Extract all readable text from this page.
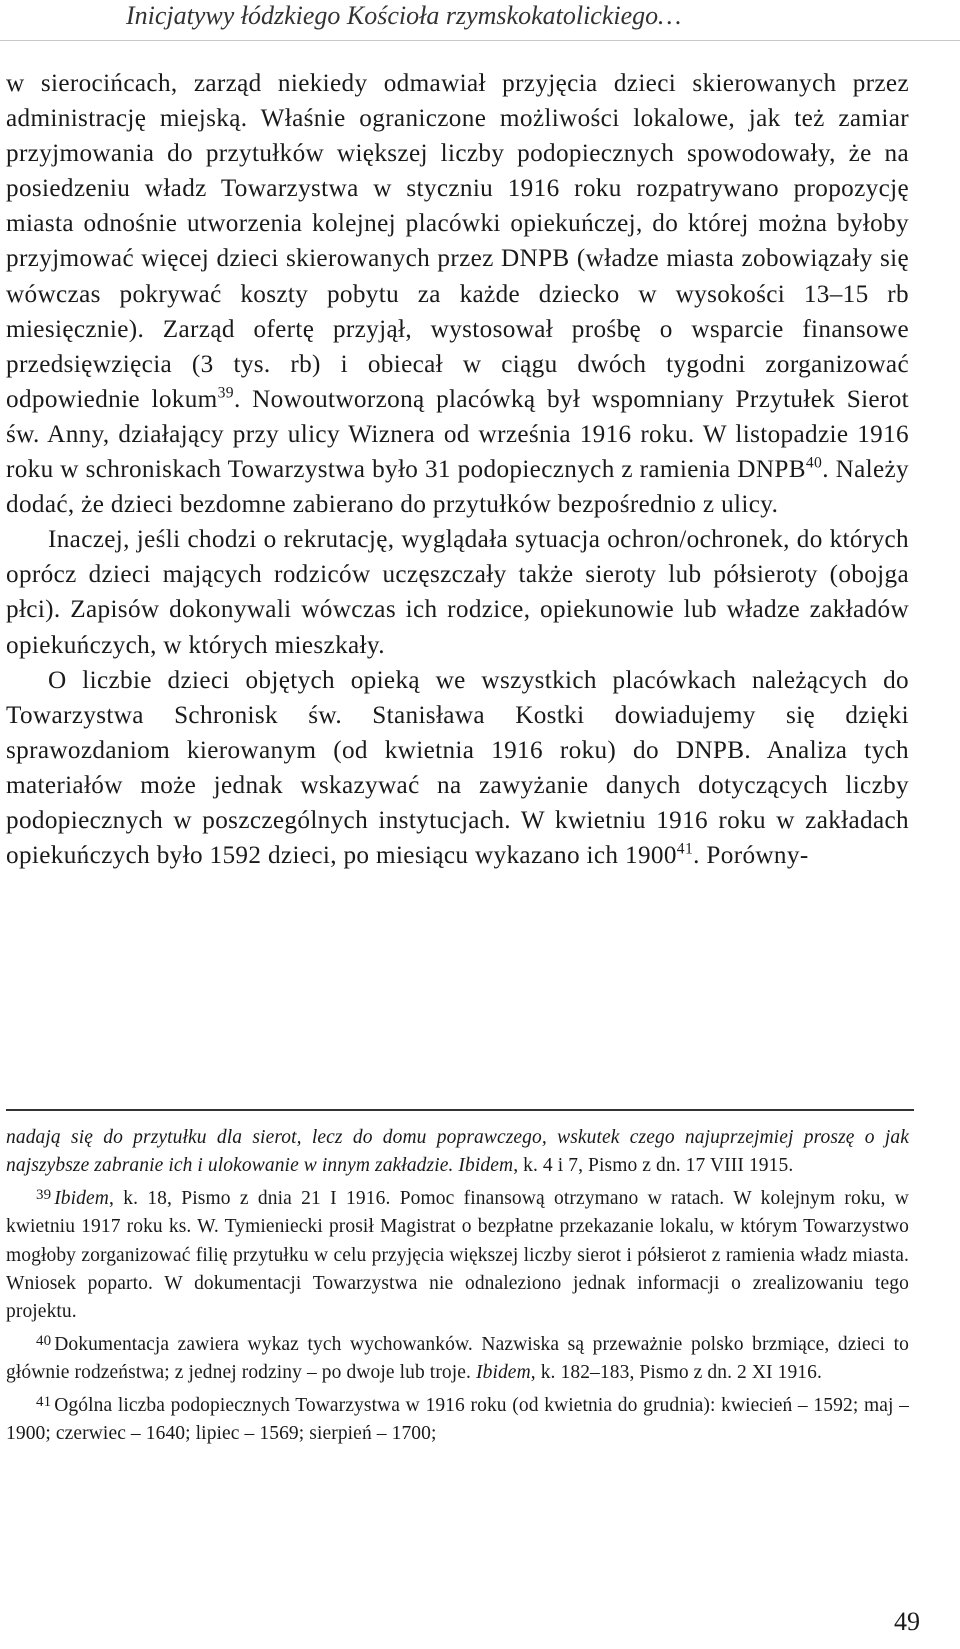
Inicjatywy łódzkiego Kościoła rzymskokatolickiego…

w sierocińcach, zarząd niekiedy odmawiał przyjęcia dzieci skierowanych przez administrację miejską. Właśnie ograniczone możliwości lokalowe, jak też zamiar przyjmowania do przytułków większej liczby podopiecznych spowodowały, że na posiedzeniu władz Towarzystwa w styczniu 1916 roku rozpatrywano propozycję miasta odnośnie utworzenia kolejnej placówki opiekuńczej, do której można byłoby przyjmować więcej dzieci skierowanych przez DNPB (władze miasta zobowiązały się wówczas pokrywać koszty pobytu za każde dziecko w wysokości 13–15 rb miesięcznie). Zarząd ofertę przyjął, wystosował prośbę o wsparcie finansowe przedsięwzięcia (3 tys. rb) i obiecał w ciągu dwóch tygodni zorganizować odpowiednie lokum$^{39}$. Nowoutworzoną placówką był wspomniany Przytułek Sierot św. Anny, działający przy ulicy Wiznera od września 1916 roku. W listopadzie 1916 roku w schroniskach Towarzystwa było 31 podopiecznych z ramienia DNPB$^{40}$. Należy dodać, że dzieci bezdomne zabierano do przytułków bezpośrednio z ulicy.

Inaczej, jeśli chodzi o rekrutację, wyglądała sytuacja ochron/ochronek, do których oprócz dzieci mających rodziców uczęszczały także sieroty lub półsieroty (obojga płci). Zapisów dokonywali wówczas ich rodzice, opiekunowie lub władze zakładów opiekuńczych, w których mieszkały.

O liczbie dzieci objętych opieką we wszystkich placówkach należących do Towarzystwa Schronisk św. Stanisława Kostki dowiadujemy się dzięki sprawozdaniom kierowanym (od kwietnia 1916 roku) do DNPB. Analiza tych materiałów może jednak wskazywać na zawyżanie danych dotyczących liczby podopiecznych w poszczególnych instytucjach. W kwietniu 1916 roku w zakładach opiekuńczych było 1592 dzieci, po miesiącu wykazano ich 1900$^{41}$. Porówny-

nadają się do przytułku dla sierot, lecz do domu poprawczego, wskutek czego najuprzejmiej proszę o jak najszybsze zabranie ich i ulokowanie w innym zakładzie. Ibidem, k. 4 i 7, Pismo z dn. 17 VIII 1915.

$^{39}$ Ibidem, k. 18, Pismo z dnia 21 I 1916. Pomoc finansową otrzymano w ratach. W kolejnym roku, w kwietniu 1917 roku ks. W. Tymieniecki prosił Magistrat o bezpłatne przekazanie lokalu, w którym Towarzystwo mogłoby zorganizować filię przytułku w celu przyjęcia większej liczby sierot i półsierot z ramienia władz miasta. Wniosek poparto. W dokumentacji Towarzystwa nie odnaleziono jednak informacji o zrealizowaniu tego projektu.

$^{40}$ Dokumentacja zawiera wykaz tych wychowanków. Nazwiska są przeważnie polsko brzmiące, dzieci to głównie rodzeństwa; z jednej rodziny – po dwoje lub troje. Ibidem, k. 182–183, Pismo z dn. 2 XI 1916.

$^{41}$ Ogólna liczba podopiecznych Towarzystwa w 1916 roku (od kwietnia do grudnia): kwiecień – 1592; maj – 1900; czerwiec – 1640; lipiec – 1569; sierpień – 1700;

49
